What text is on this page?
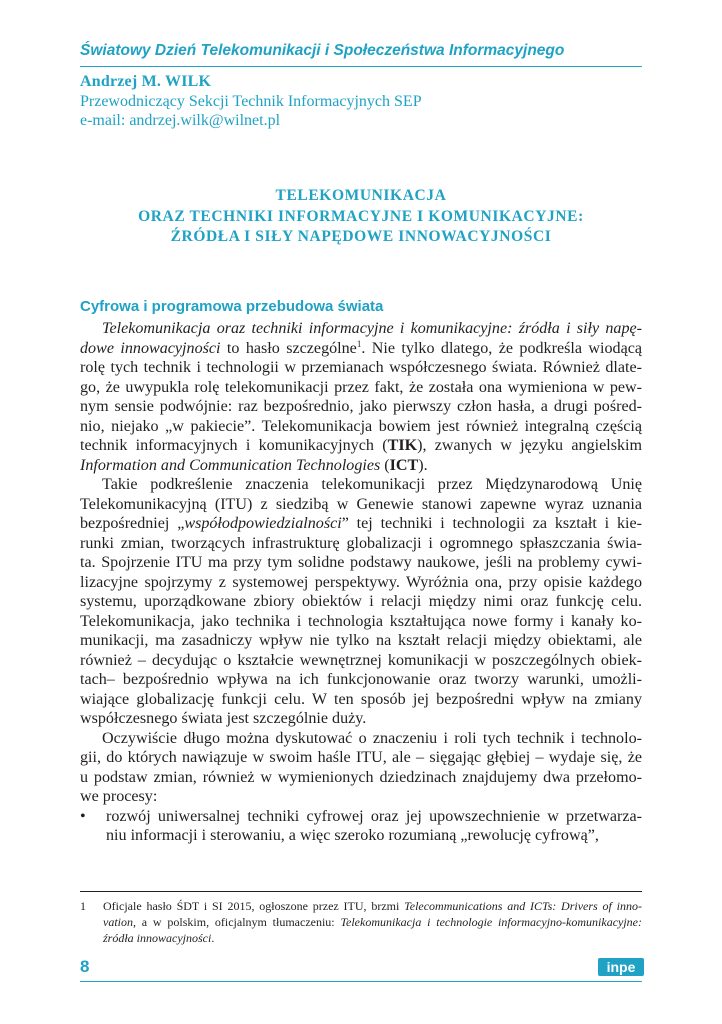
Światowy Dzień Telekomunikacji i Społeczeństwa Informacyjnego
Andrzej M. WILK
Przewodniczący Sekcji Technik Informacyjnych SEP
e-mail: andrzej.wilk@wilnet.pl
TELEKOMUNIKACJA
ORAZ TECHNIKI INFORMACYJNE I KOMUNIKACYJNE:
ŹRÓDŁA I SIŁY NAPĘDOWE INNOWACYJNOŚCI
Cyfrowa i programowa przebudowa świata
Telekomunikacja oraz techniki informacyjne i komunikacyjne: źródła i siły napę-
dowe innowacyjności to hasło szczególne$^1$. Nie tylko dlatego, że podkreśla wiodącą
rolę tych technik i technologii w przemianach współczesnego świata. Również dlate-
go, że uwypukla rolę telekomunikacji przez fakt, że została ona wymieniona w pew-
nym sensie podwójnie: raz bezpośrednio, jako pierwszy człon hasła, a drugi pośred-
nio, niejako „w pakiecie”. Telekomunikacja bowiem jest również integralną częścią
technik informacyjnych i komunikacyjnych (TIK), zwanych w języku angielskim
Information and Communication Technologies (ICT).
Takie podkreślenie znaczenia telekomunikacji przez Międzynarodową Unię
Telekomunikacyjną (ITU) z siedzibą w Genewie stanowi zapewne wyraz uznania
bezpośredniej „współodpowiedzialności” tej techniki i technologii za kształt i kie-
runki zmian, tworzących infrastrukturę globalizacji i ogromnego spłaszczania świa-
ta. Spojrzenie ITU ma przy tym solidne podstawy naukowe, jeśli na problemy cywi-
lizacyjne spojrzymy z systemowej perspektywy. Wyróżnia ona, przy opisie każdego
systemu, uporządkowane zbiory obiektów i relacji między nimi oraz funkcję celu.
Telekomunikacja, jako technika i technologia kształtująca nowe formy i kanały ko-
munikacji, ma zasadniczy wpływ nie tylko na kształt relacji między obiektami, ale
również – decydując o kształcie wewnętrznej komunikacji w poszczególnych obiek-
tach– bezpośrednio wpływa na ich funkcjonowanie oraz tworzy warunki, umożli-
wiające globalizację funkcji celu. W ten sposób jej bezpośredni wpływ na zmiany
współczesnego świata jest szczególnie duży.
Oczywiście długo można dyskutować o znaczeniu i roli tych technik i technolo-
gii, do których nawiązuje w swoim haśle ITU, ale – sięgając głębiej – wydaje się, że
u podstaw zmian, również w wymienionych dziedzinach znajdujemy dwa przełomo-
we procesy:
• rozwój uniwersalnej techniki cyfrowej oraz jej upowszechnienie w przetwarza-
niu informacji i sterowaniu, a więc szeroko rozumianą „rewolucję cyfrową”,
1 Oficjale hasło ŚDT i SI 2015, ogłoszone przez ITU, brzmi Telecommunications and ICTs: Drivers of inno-
vation, a w polskim, oficjalnym tłumaczeniu: Telekomunikacja i technologie informacyjno-komunikacyjne:
źródła innowacyjności.
8	inpe
